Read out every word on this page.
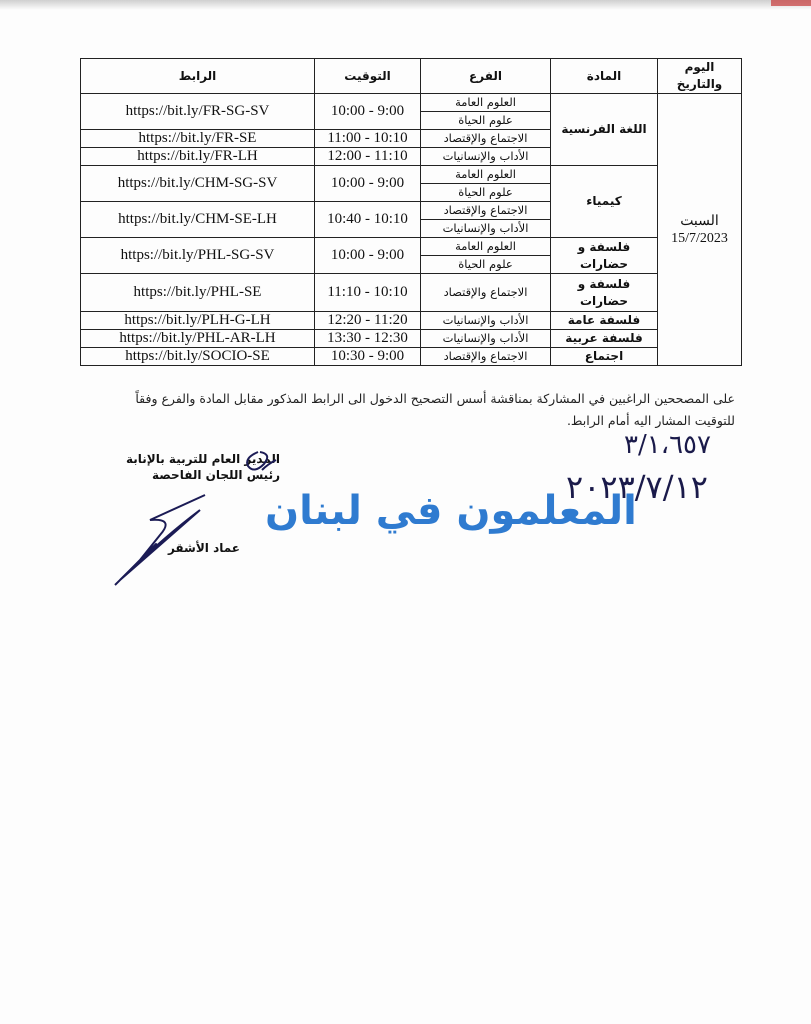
اليوم والتاريخ	المادة	الفرع	التوقيت	الرابط

السبت
15/7/2023	اللغة الفرنسية	العلوم العامة	9:00 - 10:00	https://bit.ly/FR-SG-SV
		علوم الحياة		
		الاجتماع والإقتصاد	10:10 - 11:00	https://bit.ly/FR-SE
		الأداب والإنسانيات	11:10 - 12:00	https://bit.ly/FR-LH
	كيمياء	العلوم العامة	9:00 - 10:00	https://bit.ly/CHM-SG-SV
		علوم الحياة		
		الاجتماع والإقتصاد	10:10 - 10:40	https://bit.ly/CHM-SE-LH
		الأداب والإنسانيات		
	فلسفة و حضارات	العلوم العامة	9:00 - 10:00	https://bit.ly/PHL-SG-SV
		علوم الحياة		
	فلسفة و حضارات	الاجتماع والإقتصاد	10:10 - 11:10	https://bit.ly/PHL-SE

	فلسفة عامة	الأداب والإنسانيات	11:20 - 12:20	https://bit.ly/PLH-G-LH
	فلسفة عربية	الأداب والإنسانيات	12:30 - 13:30	https://bit.ly/PHL-AR-LH
	اجتماع	الاجتماع والإقتصاد	9:00 - 10:30	https://bit.ly/SOCIO-SE
على المصححين الراغبين في المشاركة بمناقشة أسس التصحيح الدخول الى الرابط المذكور مقابل المادة والفرع وفقاً للتوقيت المشار اليه أمام الرابط.
المدير العام للتربية بالإنابة
رئيس اللجان الفاحصة
عماد الأشقر
٣/١،٦٥٧
٢٠٢٣/٧/١٢
المعلمون في لبنان
